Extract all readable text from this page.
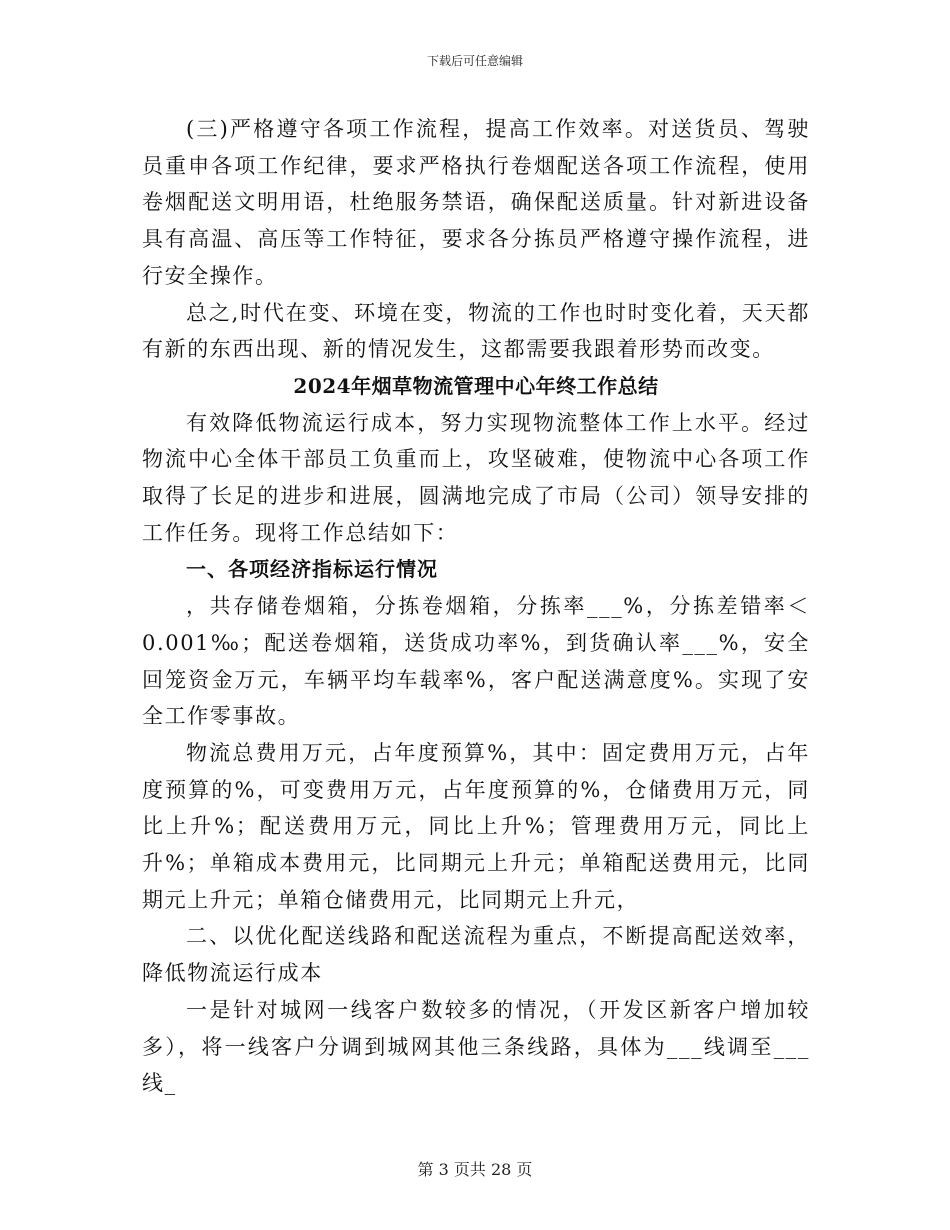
下载后可任意编辑

(三)严格遵守各项工作流程，提高工作效率。对送货员、驾驶员重申各项工作纪律，要求严格执行卷烟配送各项工作流程，使用卷烟配送文明用语，杜绝服务禁语，确保配送质量。针对新进设备具有高温、高压等工作特征，要求各分拣员严格遵守操作流程，进行安全操作。

总之,时代在变、环境在变，物流的工作也时时变化着，天天都有新的东西出现、新的情况发生，这都需要我跟着形势而改变。

2024年烟草物流管理中心年终工作总结

有效降低物流运行成本，努力实现物流整体工作上水平。经过物流中心全体干部员工负重而上，攻坚破难，使物流中心各项工作取得了长足的进步和进展，圆满地完成了市局（公司）领导安排的工作任务。现将工作总结如下：

一、各项经济指标运行情况

，共存储卷烟箱，分拣卷烟箱，分拣率___%，分拣差错率＜0.001‰；配送卷烟箱，送货成功率%，到货确认率___%，安全回笼资金万元，车辆平均车载率%，客户配送满意度%。实现了安全工作零事故。

物流总费用万元，占年度预算%，其中：固定费用万元，占年度预算的%，可变费用万元，占年度预算的%，仓储费用万元，同比上升%；配送费用万元，同比上升%；管理费用万元，同比上升%；单箱成本费用元，比同期元上升元；单箱配送费用元，比同期元上升元；单箱仓储费用元，比同期元上升元，

二、以优化配送线路和配送流程为重点，不断提高配送效率，降低物流运行成本

一是针对城网一线客户数较多的情况，（开发区新客户增加较多），将一线客户分调到城网其他三条线路，具体为___线调至___线_

第 3 页共 28 页
